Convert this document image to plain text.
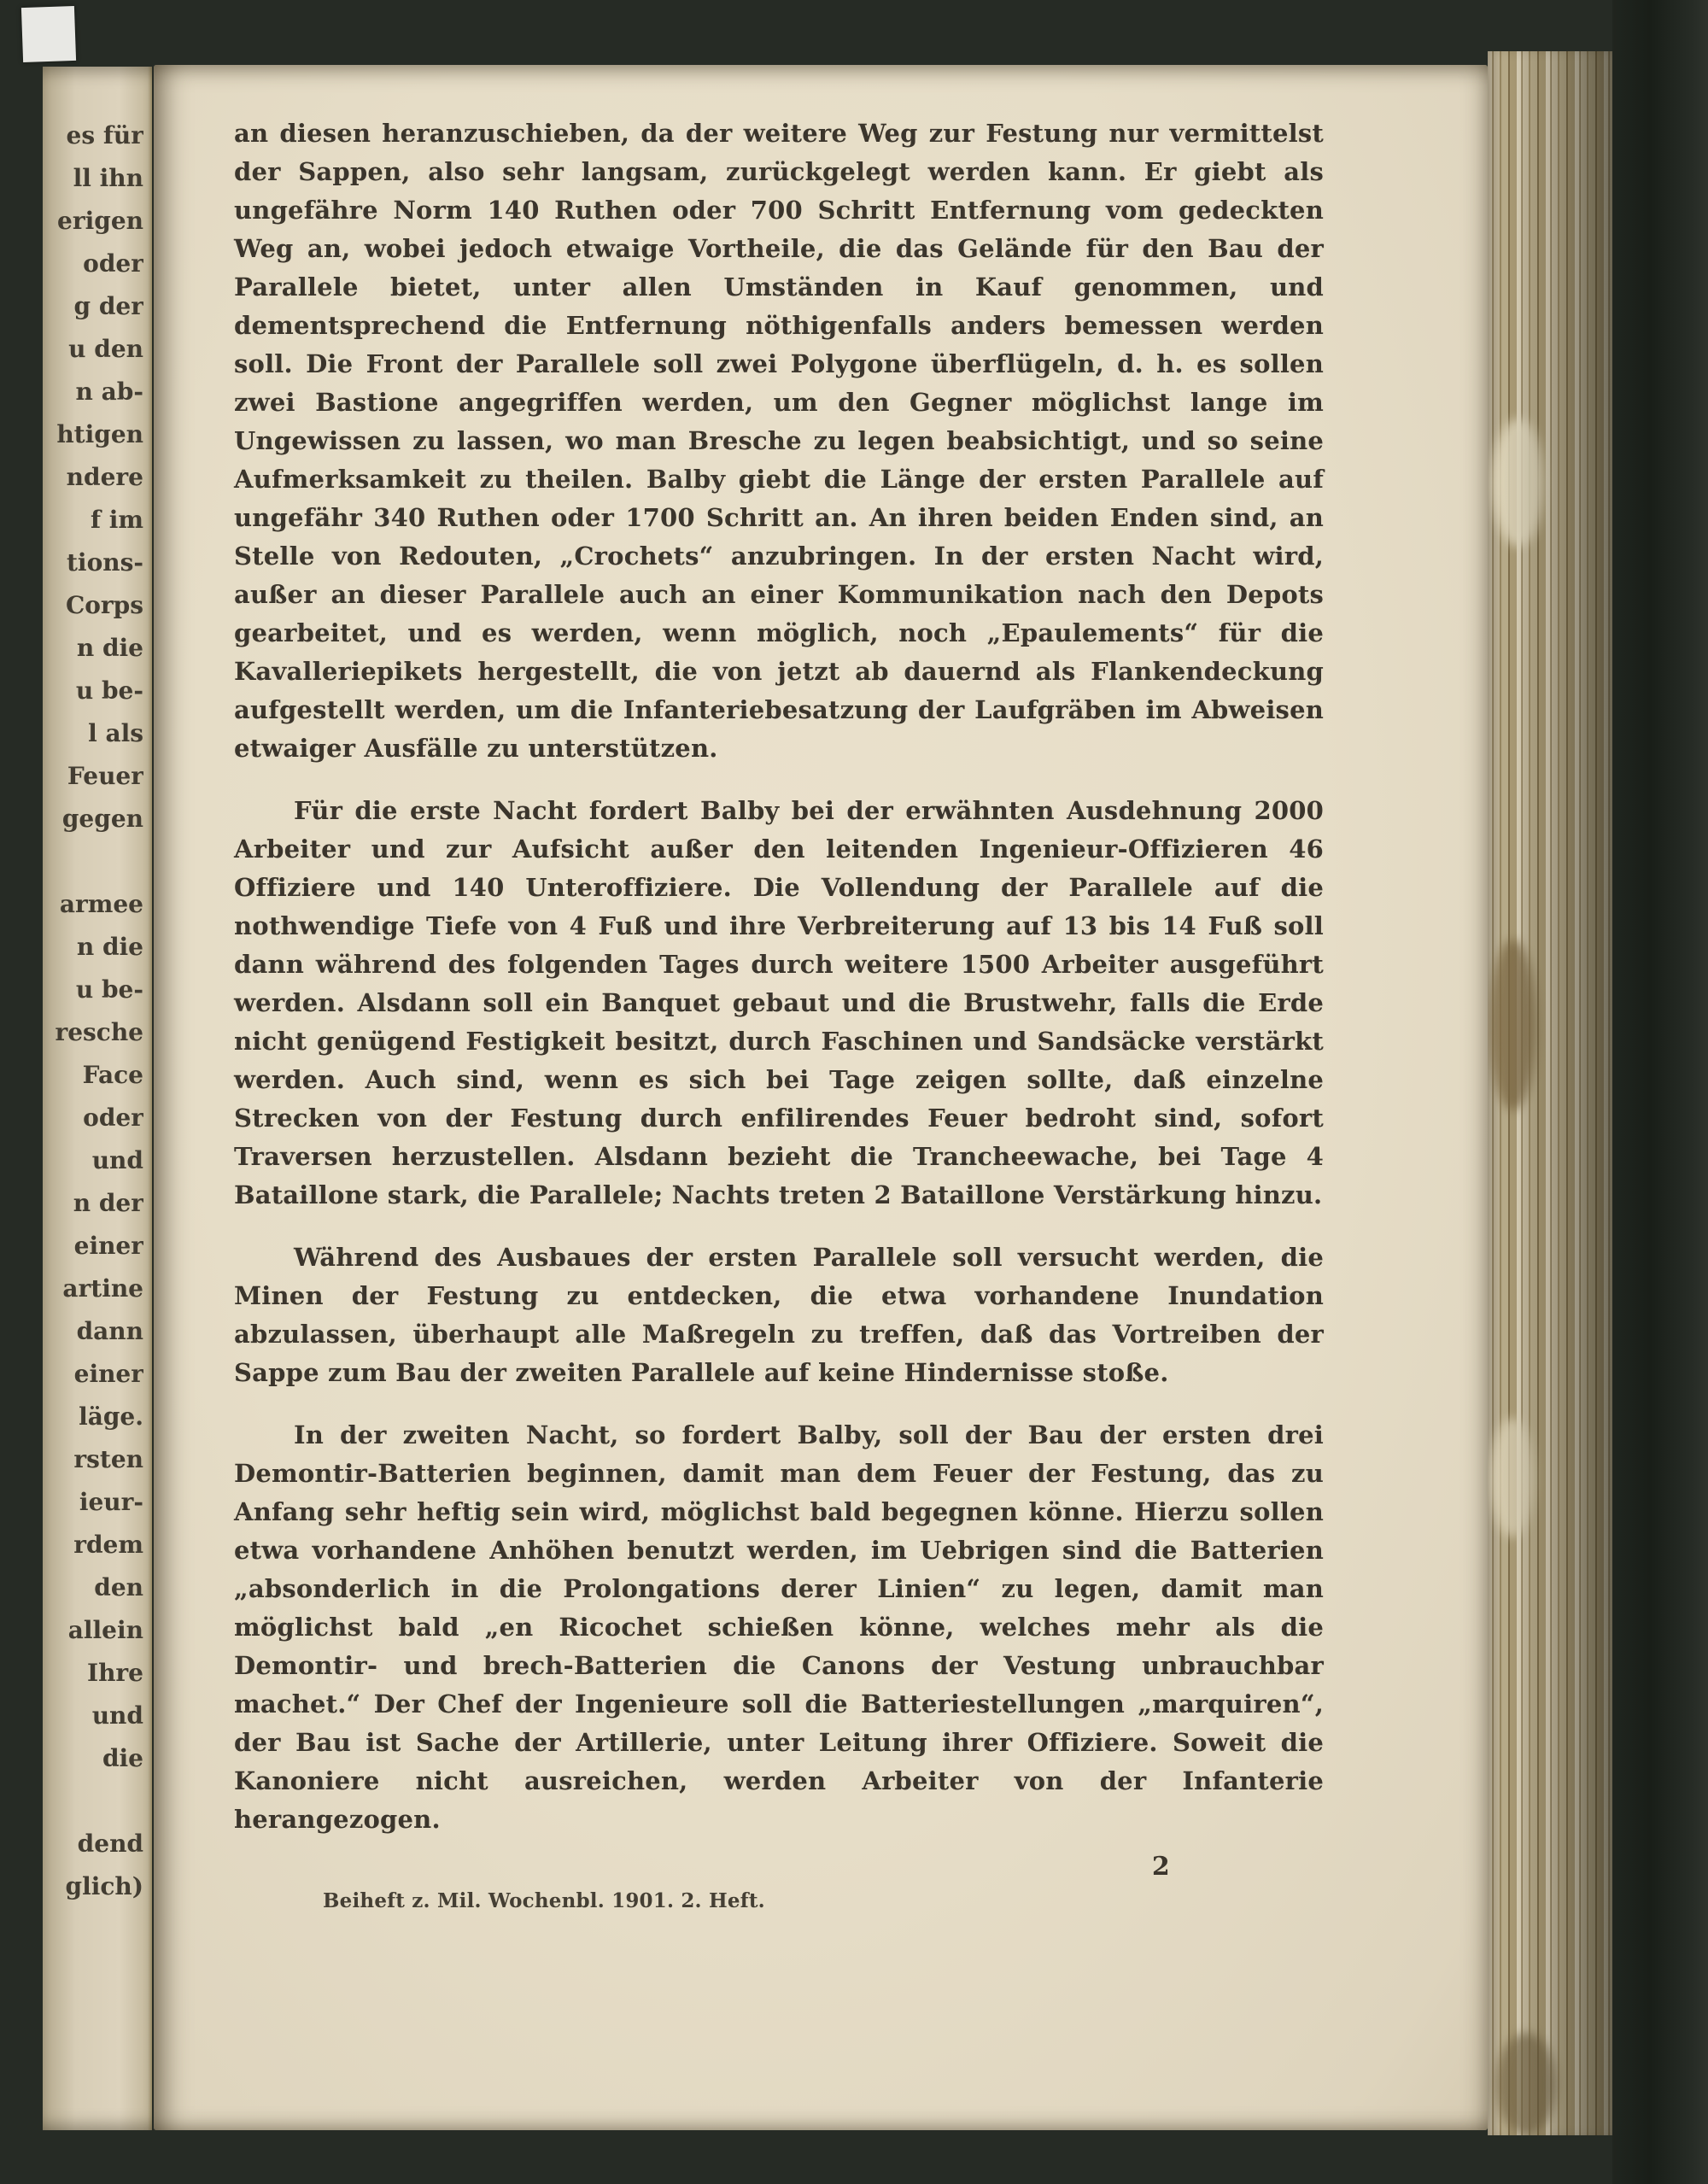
es für
ll ihn
erigen
oder
g der
u den
n ab-
htigen
ndere
f im
tions-
Corps
n die
u be-
l als
Feuer
gegen
armee
n die
u be-
resche
Face
oder
und
n der
einer
artine
dann
einer
läge.
rsten
ieur-
rdem
den
allein
Ihre
und
die
dend
glich)

an diesen heranzuschieben, da der weitere Weg zur Festung nur vermittelst der Sappen, also sehr langsam, zurückgelegt werden kann. Er giebt als ungefähre Norm 140 Ruthen oder 700 Schritt Entfernung vom gedeckten Weg an, wobei jedoch etwaige Vortheile, die das Gelände für den Bau der Parallele bietet, unter allen Umständen in Kauf genommen, und dementsprechend die Entfernung nöthigenfalls anders bemessen werden soll. Die Front der Parallele soll zwei Polygone überflügeln, d. h. es sollen zwei Bastione angegriffen werden, um den Gegner möglichst lange im Ungewissen zu lassen, wo man Bresche zu legen beabsichtigt, und so seine Aufmerksamkeit zu theilen. Balby giebt die Länge der ersten Parallele auf ungefähr 340 Ruthen oder 1700 Schritt an. An ihren beiden Enden sind, an Stelle von Redouten, „Crochets“ anzubringen. In der ersten Nacht wird, außer an dieser Parallele auch an einer Kommunikation nach den Depots gearbeitet, und es werden, wenn möglich, noch „Epaulements“ für die Kavalleriepikets hergestellt, die von jetzt ab dauernd als Flankendeckung aufgestellt werden, um die Infanteriebesatzung der Laufgräben im Abweisen etwaiger Ausfälle zu unterstützen.

Für die erste Nacht fordert Balby bei der erwähnten Ausdehnung 2000 Arbeiter und zur Aufsicht außer den leitenden Ingenieur-Offizieren 46 Offiziere und 140 Unteroffiziere. Die Vollendung der Parallele auf die nothwendige Tiefe von 4 Fuß und ihre Verbreiterung auf 13 bis 14 Fuß soll dann während des folgenden Tages durch weitere 1500 Arbeiter ausgeführt werden. Alsdann soll ein Banquet gebaut und die Brustwehr, falls die Erde nicht genügend Festigkeit besitzt, durch Faschinen und Sandsäcke verstärkt werden. Auch sind, wenn es sich bei Tage zeigen sollte, daß einzelne Strecken von der Festung durch enfilirendes Feuer bedroht sind, sofort Traversen herzustellen. Alsdann bezieht die Trancheewache, bei Tage 4 Bataillone stark, die Parallele; Nachts treten 2 Bataillone Verstärkung hinzu.

Während des Ausbaues der ersten Parallele soll versucht werden, die Minen der Festung zu entdecken, die etwa vorhandene Inundation abzulassen, überhaupt alle Maßregeln zu treffen, daß das Vortreiben der Sappe zum Bau der zweiten Parallele auf keine Hindernisse stoße.

In der zweiten Nacht, so fordert Balby, soll der Bau der ersten drei Demontir-Batterien beginnen, damit man dem Feuer der Festung, das zu Anfang sehr heftig sein wird, möglichst bald begegnen könne. Hierzu sollen etwa vorhandene Anhöhen benutzt werden, im Uebrigen sind die Batterien „absonderlich in die Prolongations derer Linien“ zu legen, damit man möglichst bald „en Ricochet schießen könne, welches mehr als die Demontir- und brech-Batterien die Canons der Vestung unbrauchbar machet.“ Der Chef der Ingenieure soll die Batteriestellungen „marquiren“, der Bau ist Sache der Artillerie, unter Leitung ihrer Offiziere. Soweit die Kanoniere nicht ausreichen, werden Arbeiter von der Infanterie herangezogen.

2
Beiheft z. Mil. Wochenbl. 1901. 2. Heft.
